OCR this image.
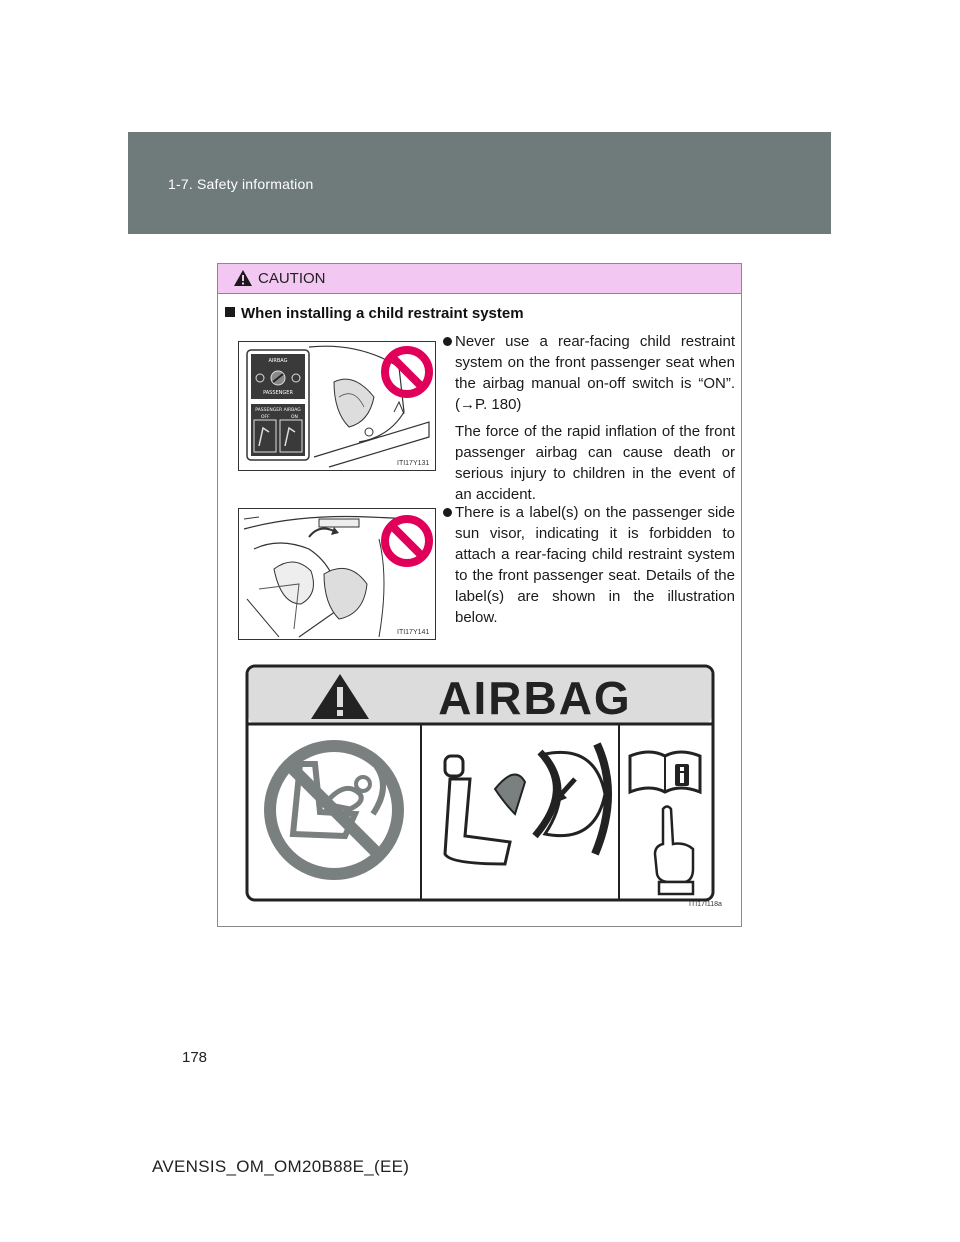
1-7. Safety information
CAUTION
When installing a child restraint system
AIRBAG
PASSENGER
PASSENGER AIRBAG
OFF	ON
ITI17Y131

Never use a rear-facing child restraint system on the front passenger seat when the airbag manual on-off switch is “ON”. (→P. 180)

The force of the rapid inflation of the front passenger airbag can cause death or serious injury to children in the event of an accident.

ITI17Y141

There is a label(s) on the passenger side sun visor, indicating it is forbidden to attach a rear-facing child restraint system to the front passenger seat. Details of the label(s) are shown in the illustration below.

AIRBAG
ITI17I118a
178
AVENSIS_OM_OM20B88E_(EE)
